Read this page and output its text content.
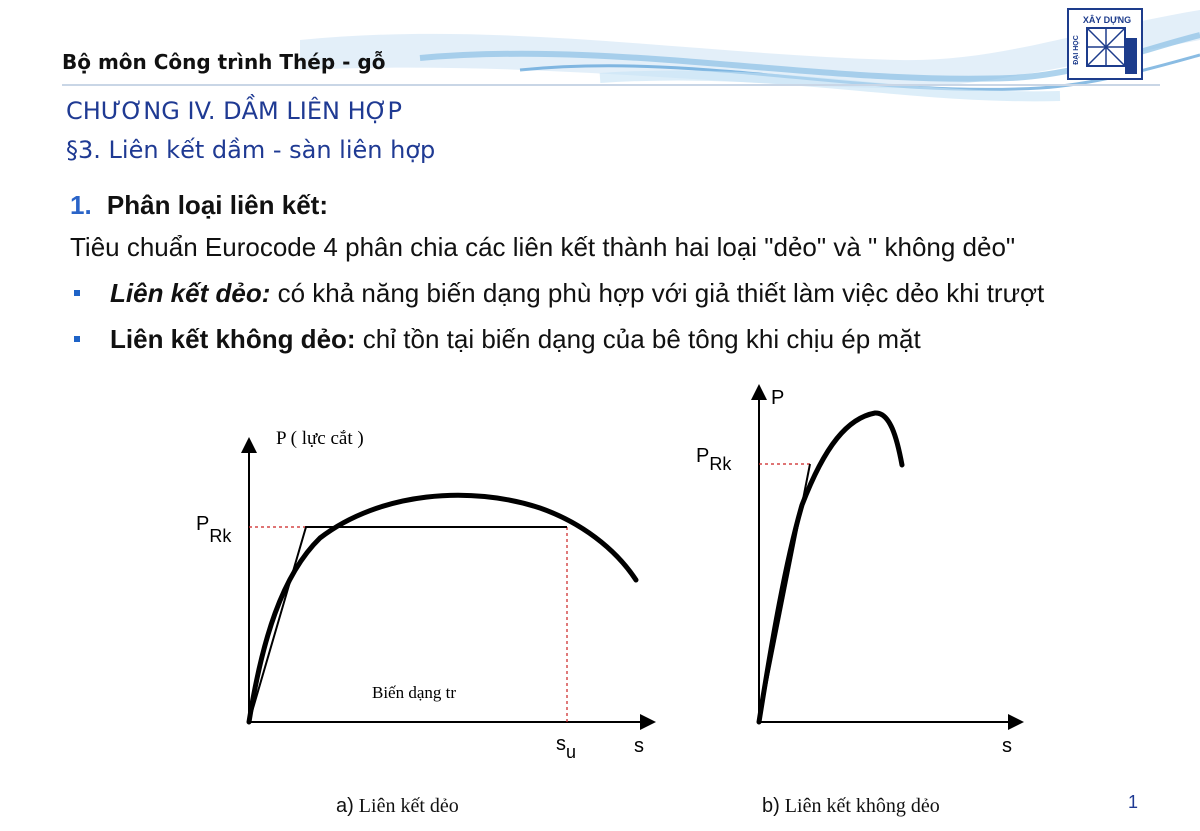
Bộ môn Công trình Thép - gỗ
XÂY DỰNG
ĐẠI HỌC
CHƯƠNG IV. DẦM LIÊN HỢP
§3. Liên kết dầm - sàn liên hợp
1. Phân loại liên kết:
Tiêu chuẩn Eurocode 4 phân chia các liên kết thành hai loại "dẻo" và " không dẻo"
Liên kết dẻo: có khả năng biến dạng phù hợp với giả thiết làm việc dẻo khi trượt
Liên kết không dẻo: chỉ tồn tại biến dạng của bê tông khi chịu ép mặt
P ( lực cắt )
PRk
Biến dạng tr
su	s
P
PRk
s
a) Liên kết dẻo	b) Liên kết không dẻo	1
